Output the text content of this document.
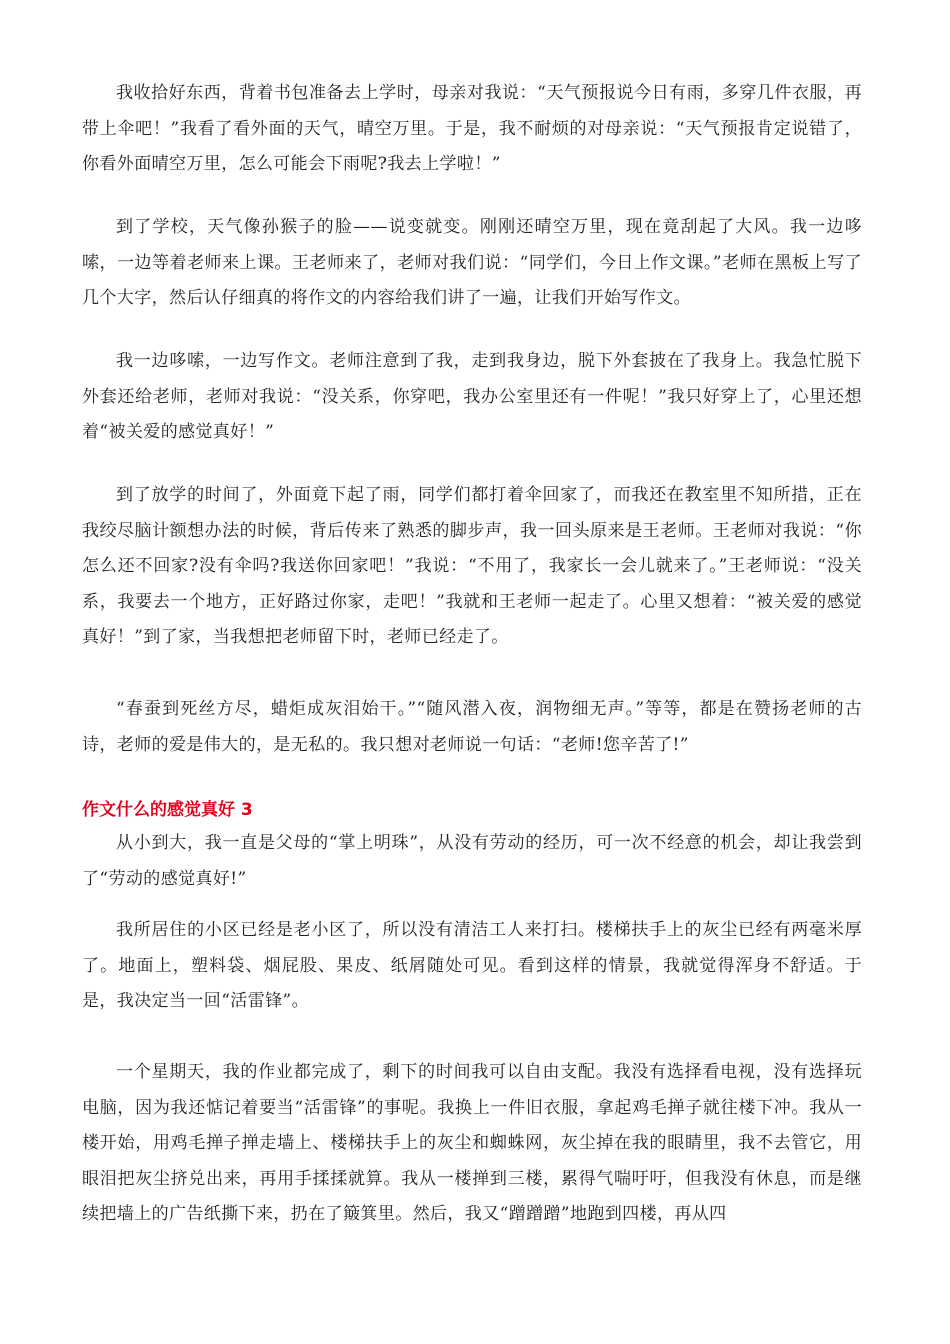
我收拾好东西，背着书包准备去上学时，母亲对我说：“天气预报说今日有雨，多穿几件衣服，再带上伞吧！”我看了看外面的天气，晴空万里。于是，我不耐烦的对母亲说：“天气预报肯定说错了，你看外面晴空万里，怎么可能会下雨呢?我去上学啦！”

到了学校，天气像孙猴子的脸——说变就变。刚刚还晴空万里，现在竟刮起了大风。我一边哆嗦，一边等着老师来上课。王老师来了，老师对我们说：“同学们，今日上作文课。”老师在黑板上写了几个大字，然后认仔细真的将作文的内容给我们讲了一遍，让我们开始写作文。

我一边哆嗦，一边写作文。老师注意到了我，走到我身边，脱下外套披在了我身上。我急忙脱下外套还给老师，老师对我说：“没关系，你穿吧，我办公室里还有一件呢！”我只好穿上了，心里还想着“被关爱的感觉真好！”

到了放学的时间了，外面竟下起了雨，同学们都打着伞回家了，而我还在教室里不知所措，正在我绞尽脑计额想办法的时候，背后传来了熟悉的脚步声，我一回头原来是王老师。王老师对我说：“你怎么还不回家?没有伞吗?我送你回家吧！”我说：“不用了，我家长一会儿就来了。”王老师说：“没关系，我要去一个地方，正好路过你家，走吧！”我就和王老师一起走了。心里又想着：“被关爱的感觉真好！”到了家，当我想把老师留下时，老师已经走了。

“春蚕到死丝方尽，蜡炬成灰泪始干。”“随风潜入夜，润物细无声。”等等，都是在赞扬老师的古诗，老师的爱是伟大的，是无私的。我只想对老师说一句话：“老师!您辛苦了!”

作文什么的感觉真好 3

从小到大，我一直是父母的“掌上明珠”，从没有劳动的经历，可一次不经意的机会，却让我尝到了“劳动的感觉真好!”

我所居住的小区已经是老小区了，所以没有清洁工人来打扫。楼梯扶手上的灰尘已经有两毫米厚了。地面上，塑料袋、烟屁股、果皮、纸屑随处可见。看到这样的情景，我就觉得浑身不舒适。于是，我决定当一回“活雷锋”。

一个星期天，我的作业都完成了，剩下的时间我可以自由支配。我没有选择看电视，没有选择玩电脑，因为我还惦记着要当“活雷锋”的事呢。我换上一件旧衣服，拿起鸡毛掸子就往楼下冲。我从一楼开始，用鸡毛掸子掸走墙上、楼梯扶手上的灰尘和蜘蛛网，灰尘掉在我的眼睛里，我不去管它，用眼泪把灰尘挤兑出来，再用手揉揉就算。我从一楼掸到三楼，累得气喘吁吁，但我没有休息，而是继续把墙上的广告纸撕下来，扔在了簸箕里。然后，我又“蹭蹭蹭”地跑到四楼，再从四
